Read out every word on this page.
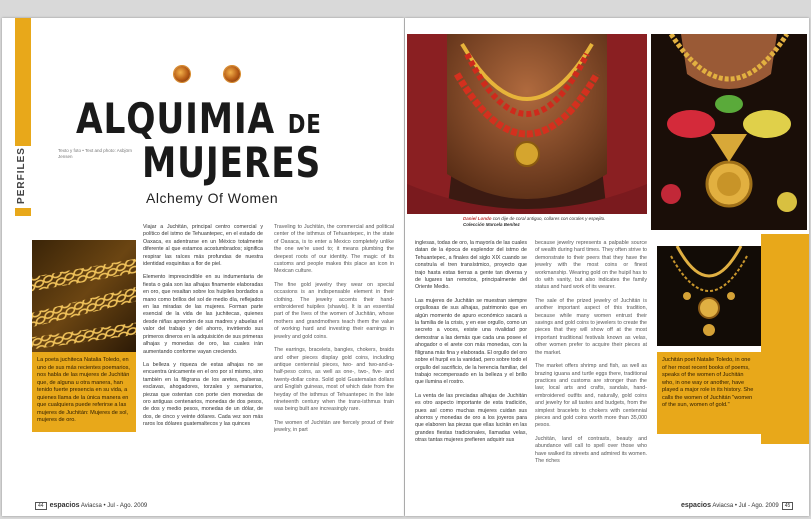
PERFILES
ALQUIMIA DE
MUJERES
Texto y foto • Text and photo: Asbjörn Jensen
Alchemy Of Women
La poeta juchiteca Natalia Toledo, en uno de sus más recientes poemarios, nos habla de las mujeres de Juchitán que, de alguna u otra manera, han tenido fuerte presencia en su vida, a quienes llama de la única manera en que cualquiera puede referirse a las mujeres de Juchitán: Mujeres de sol, mujeres de oro.

Viajar a Juchitán, principal centro comercial y político del istmo de Tehuantepec, en el estado de Oaxaca, es adentrarse en un México totalmente diferente al que estamos acostumbrados; significa respirar las raíces más profundas de nuestra identidad esquinitas a flor de piel.

Elemento imprescindible en su indumentaria de fiesta o gala son las alhajas finamente elaboradas en oro, que resaltan sobre los huipiles bordados a mano como brillos del sol de medio día, reflejados en las miradas de las mujeres. Forman parte esencial de la vida de las juchitecas, quienes desde niñas aprenden de sus madres y abuelas el valor del trabajo y del ahorro, invirtiendo sus primeros dineros en la adquisición de sus primeras alhajas y monedas de oro, las cuales irán aumentando conforme vayan creciendo.

La belleza y riqueza de estas alhajas no se encuentra únicamente en el oro por sí mismo, sino también en la filigrana de los aretes, pulseras, esclavas, ahogadores, torzales y semanarios, piezas que ostentan con porte cien monedas de oro antiguas centenarios, monedas de dos pesos, de dos y medio pesos, monedas de un dólar, de dos, de cinco y veinte dólares. Cada vez son más raros los dólares guatemaltecos y las quinces

Traveling to Juchitán, the commercial and political center of the isthmus of Tehuantepec, in the state of Oaxaca, is to enter a Mexico completely unlike the one we're used to; it means plumbing the deepest roots of our identity. The magic of its customs and people makes this place an icon in Mexican culture.

The fine gold jewelry they wear on special occasions is an indispensable element in their clothing. The jewelry accents their hand-embroidered huipiles (shawls). It is an essential part of the lives of the women of Juchitán, whose mothers and grandmothers teach them the value of working hard and investing their earnings in jewelry and gold coins.

The earrings, bracelets, bangles, chokers, braids and other pieces display gold coins, including antique centennial pieces, two- and two-and-a-half-peso coins, as well as one-, two-, five- and twenty-dollar coins. Solid gold Guatemalan dollars and English guineas, most of which date from the heyday of the isthmus of Tehuantepec in the late nineteenth century when the trans-isthmus train was being built are increasingly rare.

The women of Juchitán are fiercely proud of their jewelry, in part

44 espacios Aviacsa • Jul - Ago. 2009
Daniel Londo con dije de coral antiguo, collares con corales y espejito.
Colección Marcela Benítez

inglesas, todas de oro, la mayoría de las cuales datan de la época de esplendor del istmo de Tehuantepec, a finales del siglo XIX cuando se construía el tren transístmico, proyecto que trajo hasta estas tierras a gente tan diversa y de lugares tan remotos, principalmente del Oriente Medio.

Las mujeres de Juchitán se muestran siempre orgullosas de sus alhajas, patrimonio que en algún momento de apuro económico sacará a la familia de la crisis, y en ese orgullo, como un secreto a voces, existe una rivalidad por demostrar a las demás que cada una posee el ahogador o el arete con más monedas, con la filigrana más fina y elaborada. El orgullo del oro sobre el hurpil es la vanidad, pero sobre todo el orgullo del sacrificio, de la herencia familiar, del trabajo recompensado en la belleza y el brillo que ilumina el rostro.

La venta de las preciadas alhajas de Juchitán es otro aspecto importante de esta tradición, pues así como muchas mujeres cuidan sus ahorros y monedas de oro a los joyeros para que elaboren las piezas que ellas lucirán en las grandes fiestas tradicionales, llamadas velas, otras tantas mujeres prefieren adquirir sus

because jewelry represents a palpable source of wealth during hard times. They often strive to demonstrate to their peers that they have the jewelry with the most coins or finest workmanship. Wearing gold on the huipil has to do with vanity, but also indicates the family status and hard work of its wearer.

The sale of the prized jewelry of Juchitán is another important aspect of this tradition, because while many women entrust their savings and gold coins to jewelers to create the pieces that they will show off at the most important traditional festivals known as velas, other women prefer to acquire their pieces at the market.

The market offers shrimp and fish, as well as brazing iguana and turtle eggs there, traditional practices and customs are stronger than the law; local arts and crafts, sandals, hand-embroidered outfits and, naturally, gold coins and jewelry for all tastes and budgets, from the simplest bracelets to chokers with centennial pieces and gold coins worth more than 35,000 pesos.

Juchitán, land of contrasts, beauty and abundance will call to spell over those who have walked its streets and admired its women. The riches

Juchitán poet Natalie Toledo, in one of her most recent books of poems, speaks of the women of Juchitán who, in one way or another, have played a major role in its history. She calls the women of Juchitán "women of the sun, women of gold."
espacios Aviacsa • Jul - Ago. 2009 45
